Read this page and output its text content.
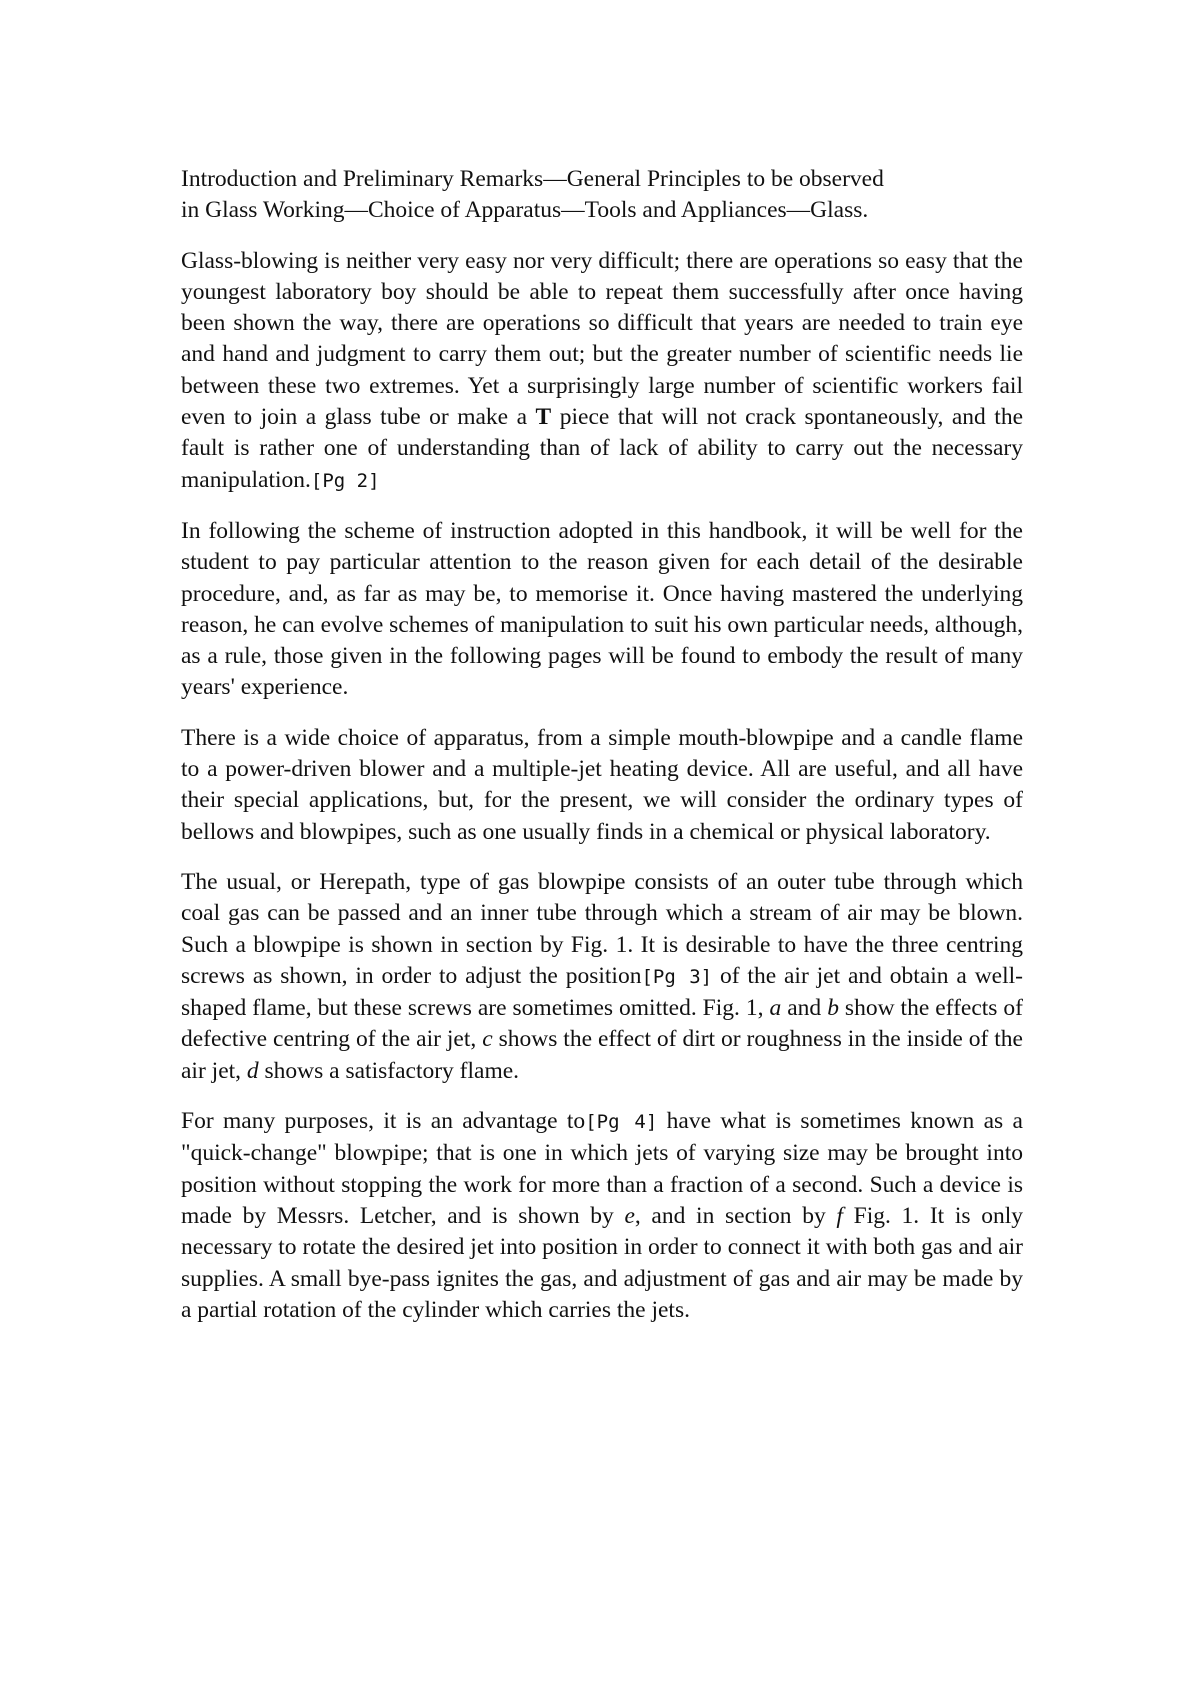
Introduction and Preliminary Remarks—General Principles to be observed
in Glass Working—Choice of Apparatus—Tools and Appliances—Glass.

Glass-blowing is neither very easy nor very difficult; there are operations so easy that the youngest laboratory boy should be able to repeat them successfully after once having been shown the way, there are operations so difficult that years are needed to train eye and hand and judgment to carry them out; but the greater number of scientific needs lie between these two extremes. Yet a surprisingly large number of scientific workers fail even to join a glass tube or make a T piece that will not crack spontaneously, and the fault is rather one of understanding than of lack of ability to carry out the necessary manipulation.[Pg 2]

In following the scheme of instruction adopted in this handbook, it will be well for the student to pay particular attention to the reason given for each detail of the desirable procedure, and, as far as may be, to memorise it. Once having mastered the underlying reason, he can evolve schemes of manipulation to suit his own particular needs, although, as a rule, those given in the following pages will be found to embody the result of many years' experience.

There is a wide choice of apparatus, from a simple mouth-blowpipe and a candle flame to a power-driven blower and a multiple-jet heating device. All are useful, and all have their special applications, but, for the present, we will consider the ordinary types of bellows and blowpipes, such as one usually finds in a chemical or physical laboratory.

The usual, or Herepath, type of gas blowpipe consists of an outer tube through which coal gas can be passed and an inner tube through which a stream of air may be blown. Such a blowpipe is shown in section by Fig. 1. It is desirable to have the three centring screws as shown, in order to adjust the position[Pg 3] of the air jet and obtain a well-shaped flame, but these screws are sometimes omitted. Fig. 1, a and b show the effects of defective centring of the air jet, c shows the effect of dirt or roughness in the inside of the air jet, d shows a satisfactory flame.

For many purposes, it is an advantage to[Pg 4] have what is sometimes known as a "quick-change" blowpipe; that is one in which jets of varying size may be brought into position without stopping the work for more than a fraction of a second. Such a device is made by Messrs. Letcher, and is shown by e, and in section by f Fig. 1. It is only necessary to rotate the desired jet into position in order to connect it with both gas and air supplies. A small bye-pass ignites the gas, and adjustment of gas and air may be made by a partial rotation of the cylinder which carries the jets.
